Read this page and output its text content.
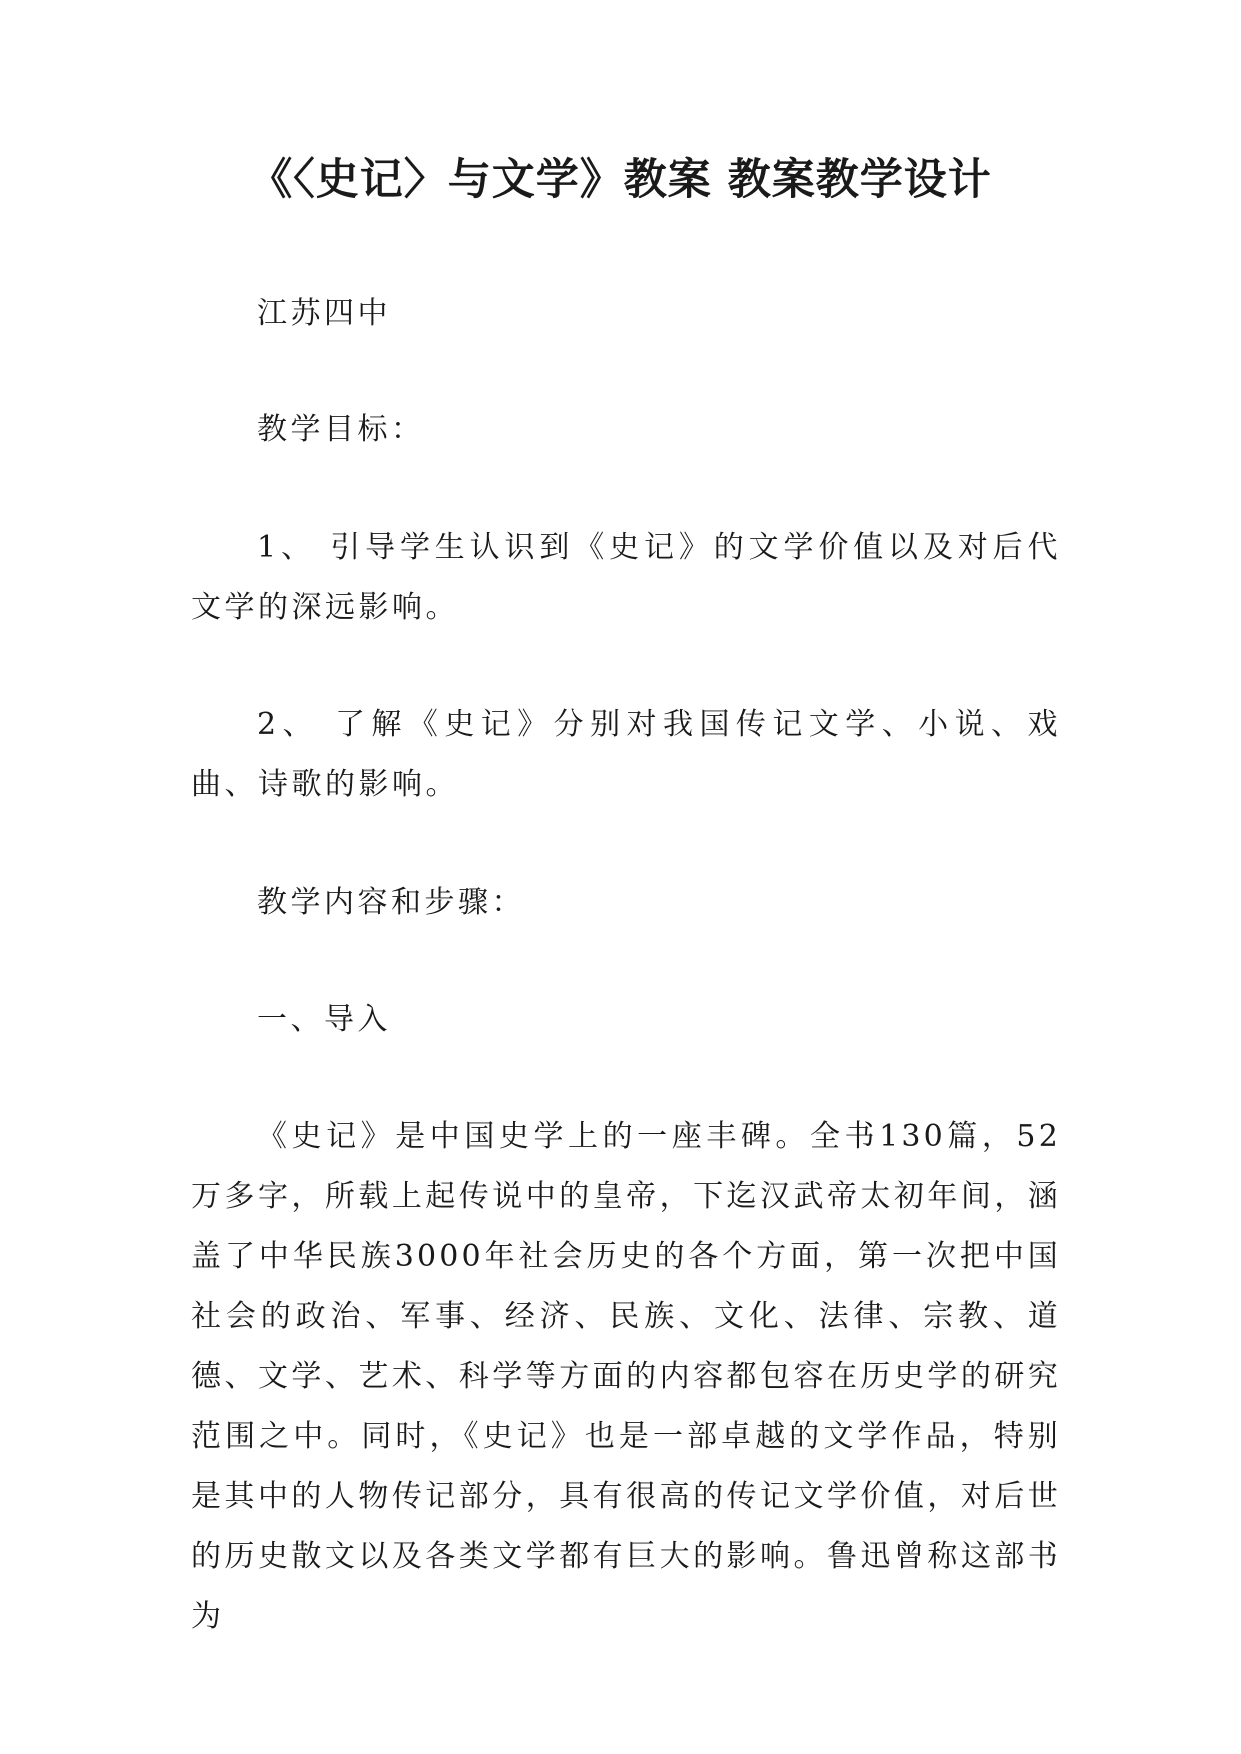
《〈史记〉与文学》教案 教案教学设计

江苏四中

教学目标：

1、 引导学生认识到《史记》的文学价值以及对后代文学的深远影响。

2、 了解《史记》分别对我国传记文学、小说、戏曲、诗歌的影响。

教学内容和步骤：

一、导入

《史记》是中国史学上的一座丰碑。全书130篇，52万多字，所载上起传说中的皇帝，下迄汉武帝太初年间，涵盖了中华民族3000年社会历史的各个方面，第一次把中国社会的政治、军事、经济、民族、文化、法律、宗教、道德、文学、艺术、科学等方面的内容都包容在历史学的研究范围之中。同时，《史记》也是一部卓越的文学作品，特别是其中的人物传记部分，具有很高的传记文学价值，对后世的历史散文以及各类文学都有巨大的影响。鲁迅曾称这部书为
